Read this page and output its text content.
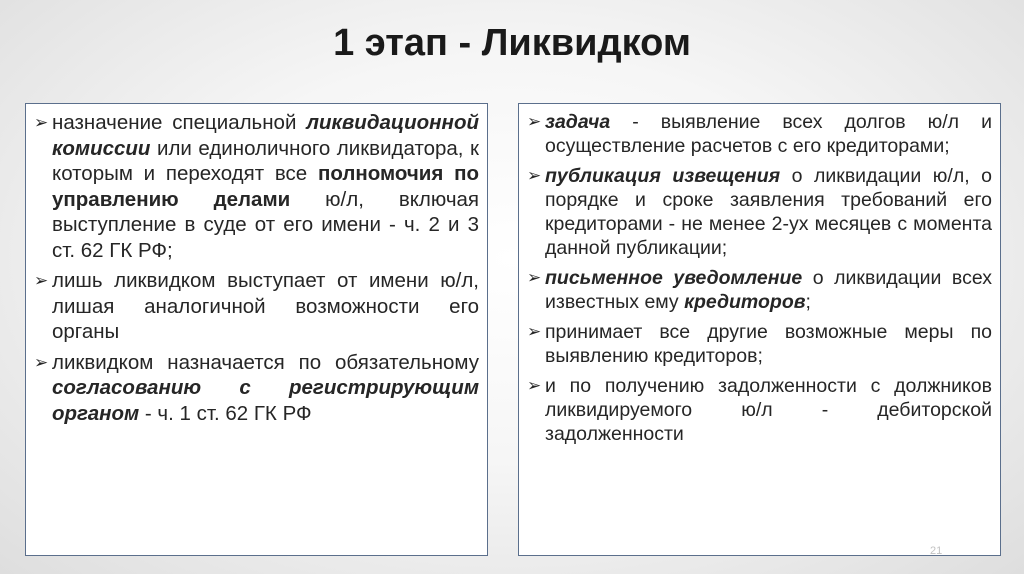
1 этап - Ликвидком
➢ назначение специальной ликвидационной комиссии или единоличного ликвидатора, к которым и переходят все полномочия по управлению делами ю/л, включая выступление в суде от его имени - ч. 2 и 3 ст. 62 ГК РФ;
➢ лишь ликвидком выступает от имени ю/л, лишая аналогичной возможности его органы
➢ ликвидком назначается по обязательному согласованию с регистрирующим органом - ч. 1 ст. 62 ГК РФ
➢ задача - выявление всех долгов ю/л и осуществление расчетов с его кредиторами;
➢ публикация извещения о ликвидации ю/л, о порядке и сроке заявления требований его кредиторами - не менее 2-ух месяцев с момента данной публикации;
➢ письменное уведомление о ликвидации всех известных ему кредиторов;
➢ принимает все другие возможные меры по выявлению кредиторов;
➢ и по получению задолженности с должников ликвидируемого ю/л - дебиторской задолженности
21
